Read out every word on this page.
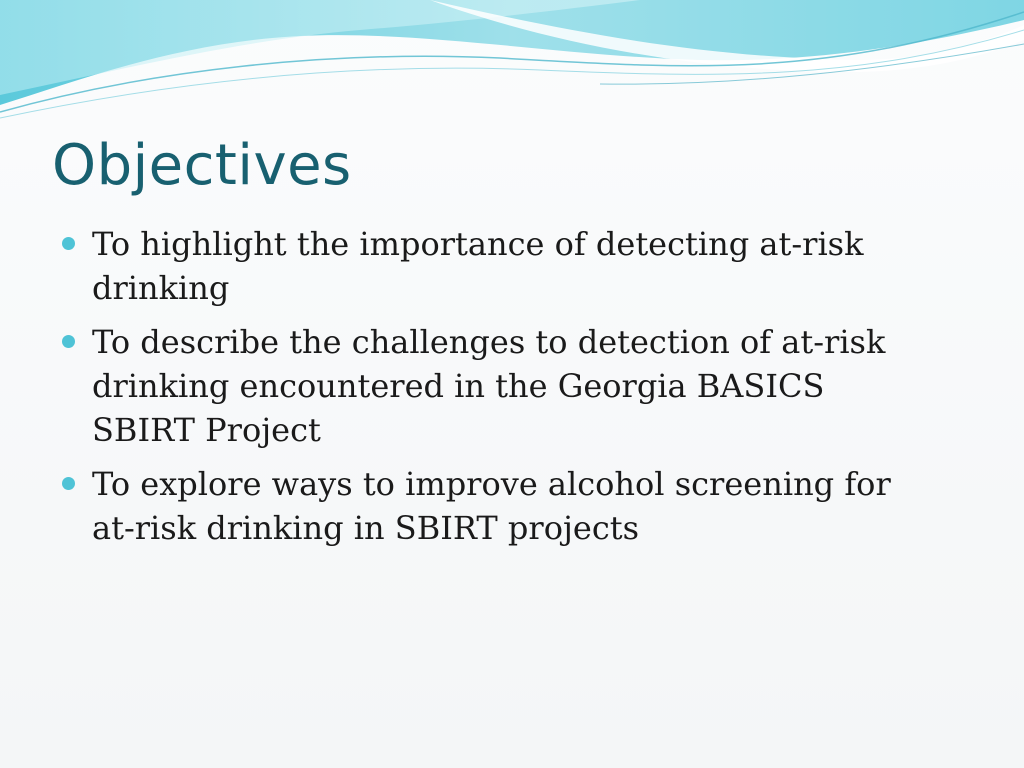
Objectives
To highlight the importance of detecting at-risk drinking
To describe the challenges to detection of at-risk drinking encountered in the Georgia BASICS SBIRT Project
To explore ways to improve alcohol screening for at-risk drinking in SBIRT projects
